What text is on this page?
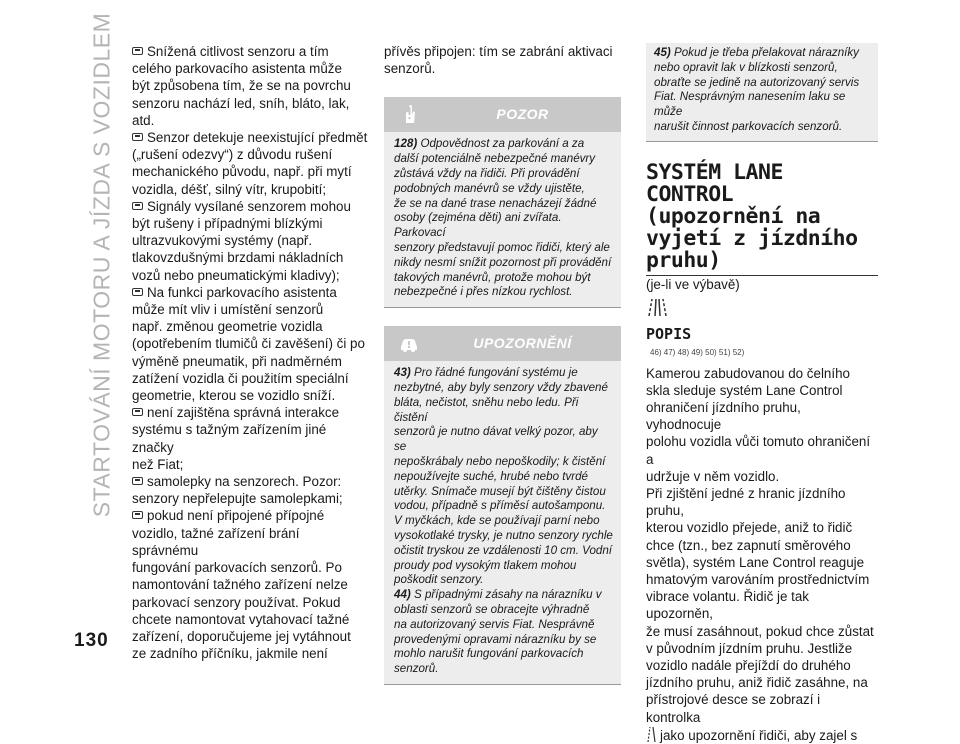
STARTOVÁNÍ MOTORU A JÍZDA S VOZIDLEM
130

Snížená citlivost senzoru a tím

celého parkovacího asistenta může

být způsobena tím, že se na povrchu

senzoru nachází led, sníh, bláto, lak,

atd.

Senzor detekuje neexistující předmět

(„rušení odezvy“) z důvodu rušení

mechanického původu, např. při mytí

vozidla, déšť, silný vítr, krupobití;

Signály vysílané senzorem mohou

být rušeny i případnými blízkými

ultrazvukovými systémy (např.

tlakovzdušnými brzdami nákladních

vozů nebo pneumatickými kladivy);

Na funkci parkovacího asistenta

může mít vliv i umístění senzorů

např. změnou geometrie vozidla

(opotřebením tlumičů či zavěšení) či po

výměně pneumatik, při nadměrném

zatížení vozidla či použitím speciální

geometrie, kterou se vozidlo sníží.

není zajištěna správná interakce

systému s tažným zařízením jiné značky

než Fiat;

samolepky na senzorech. Pozor:

senzory nepřelepujte samolepkami;

pokud není připojené přípojné

vozidlo, tažné zařízení brání správnému

fungování parkovacích senzorů. Po

namontování tažného zařízení nelze

parkovací senzory používat. Pokud

chcete namontovat vytahovací tažné

zařízení, doporučujeme jej vytáhnout

ze zadního příčníku, jakmile není

přívěs připojen: tím se zabrání aktivaci

senzorů.

POZOR

128) Odpovědnost za parkování a za

další potenciálně nebezpečné manévry

zůstává vždy na řidiči. Při provádění

podobných manévrů se vždy ujistěte,

že se na dané trase nenacházejí žádné

osoby (zejména děti) ani zvířata. Parkovací

senzory představují pomoc řidiči, který ale

nikdy nesmí snížit pozornost při provádění

takových manévrů, protože mohou být

nebezpečné i přes nízkou rychlost.

UPOZORNĚNÍ

43) Pro řádné fungování systému je

nezbytné, aby byly senzory vždy zbavené

bláta, nečistot, sněhu nebo ledu. Při čistění

senzorů je nutno dávat velký pozor, aby se

nepoškrábaly nebo nepoškodily; k čistění

nepoužívejte suché, hrubé nebo tvrdé

utěrky. Snímače musejí být čištěny čistou

vodou, případně s příměsí autošamponu.

V myčkách, kde se používají parní nebo

vysokotlaké trysky, je nutno senzory rychle

očistit tryskou ze vzdálenosti 10 cm. Vodní

proudy pod vysokým tlakem mohou

poškodit senzory.

44) S případnými zásahy na nárazníku v

oblasti senzorů se obracejte výhradně

na autorizovaný servis Fiat. Nesprávně

provedenými opravami nárazníku by se

mohlo narušit fungování parkovacích

senzorů.

45) Pokud je třeba přelakovat nárazníky

nebo opravit lak v blízkosti senzorů,

obraťte se jedině na autorizovaný servis

Fiat. Nesprávným nanesením laku se může

narušit činnost parkovacích senzorů.

SYSTÉM LANE
CONTROL
(upozornění na
vyjetí z jízdního
pruhu)

(je-li ve výbavě)

POPIS
46) 47) 48) 49) 50) 51) 52)

Kamerou zabudovanou do čelního

skla sleduje systém Lane Control

ohraničení jízdního pruhu, vyhodnocuje

polohu vozidla vůči tomuto ohraničení a

udržuje v něm vozidlo.

Při zjištění jedné z hranic jízdního pruhu,

kterou vozidlo přejede, aniž to řidič

chce (tzn., bez zapnutí směrového

světla), systém Lane Control reaguje

hmatovým varováním prostřednictvím

vibrace volantu. Řidič je tak upozorněn,

že musí zasáhnout, pokud chce zůstat

v původním jízdním pruhu. Jestliže

vozidlo nadále přejíždí do druhého

jízdního pruhu, aniž řidič zasáhne, na

přístrojové desce se zobrazí i kontrolka

jako upozornění řidiči, aby zajel s
